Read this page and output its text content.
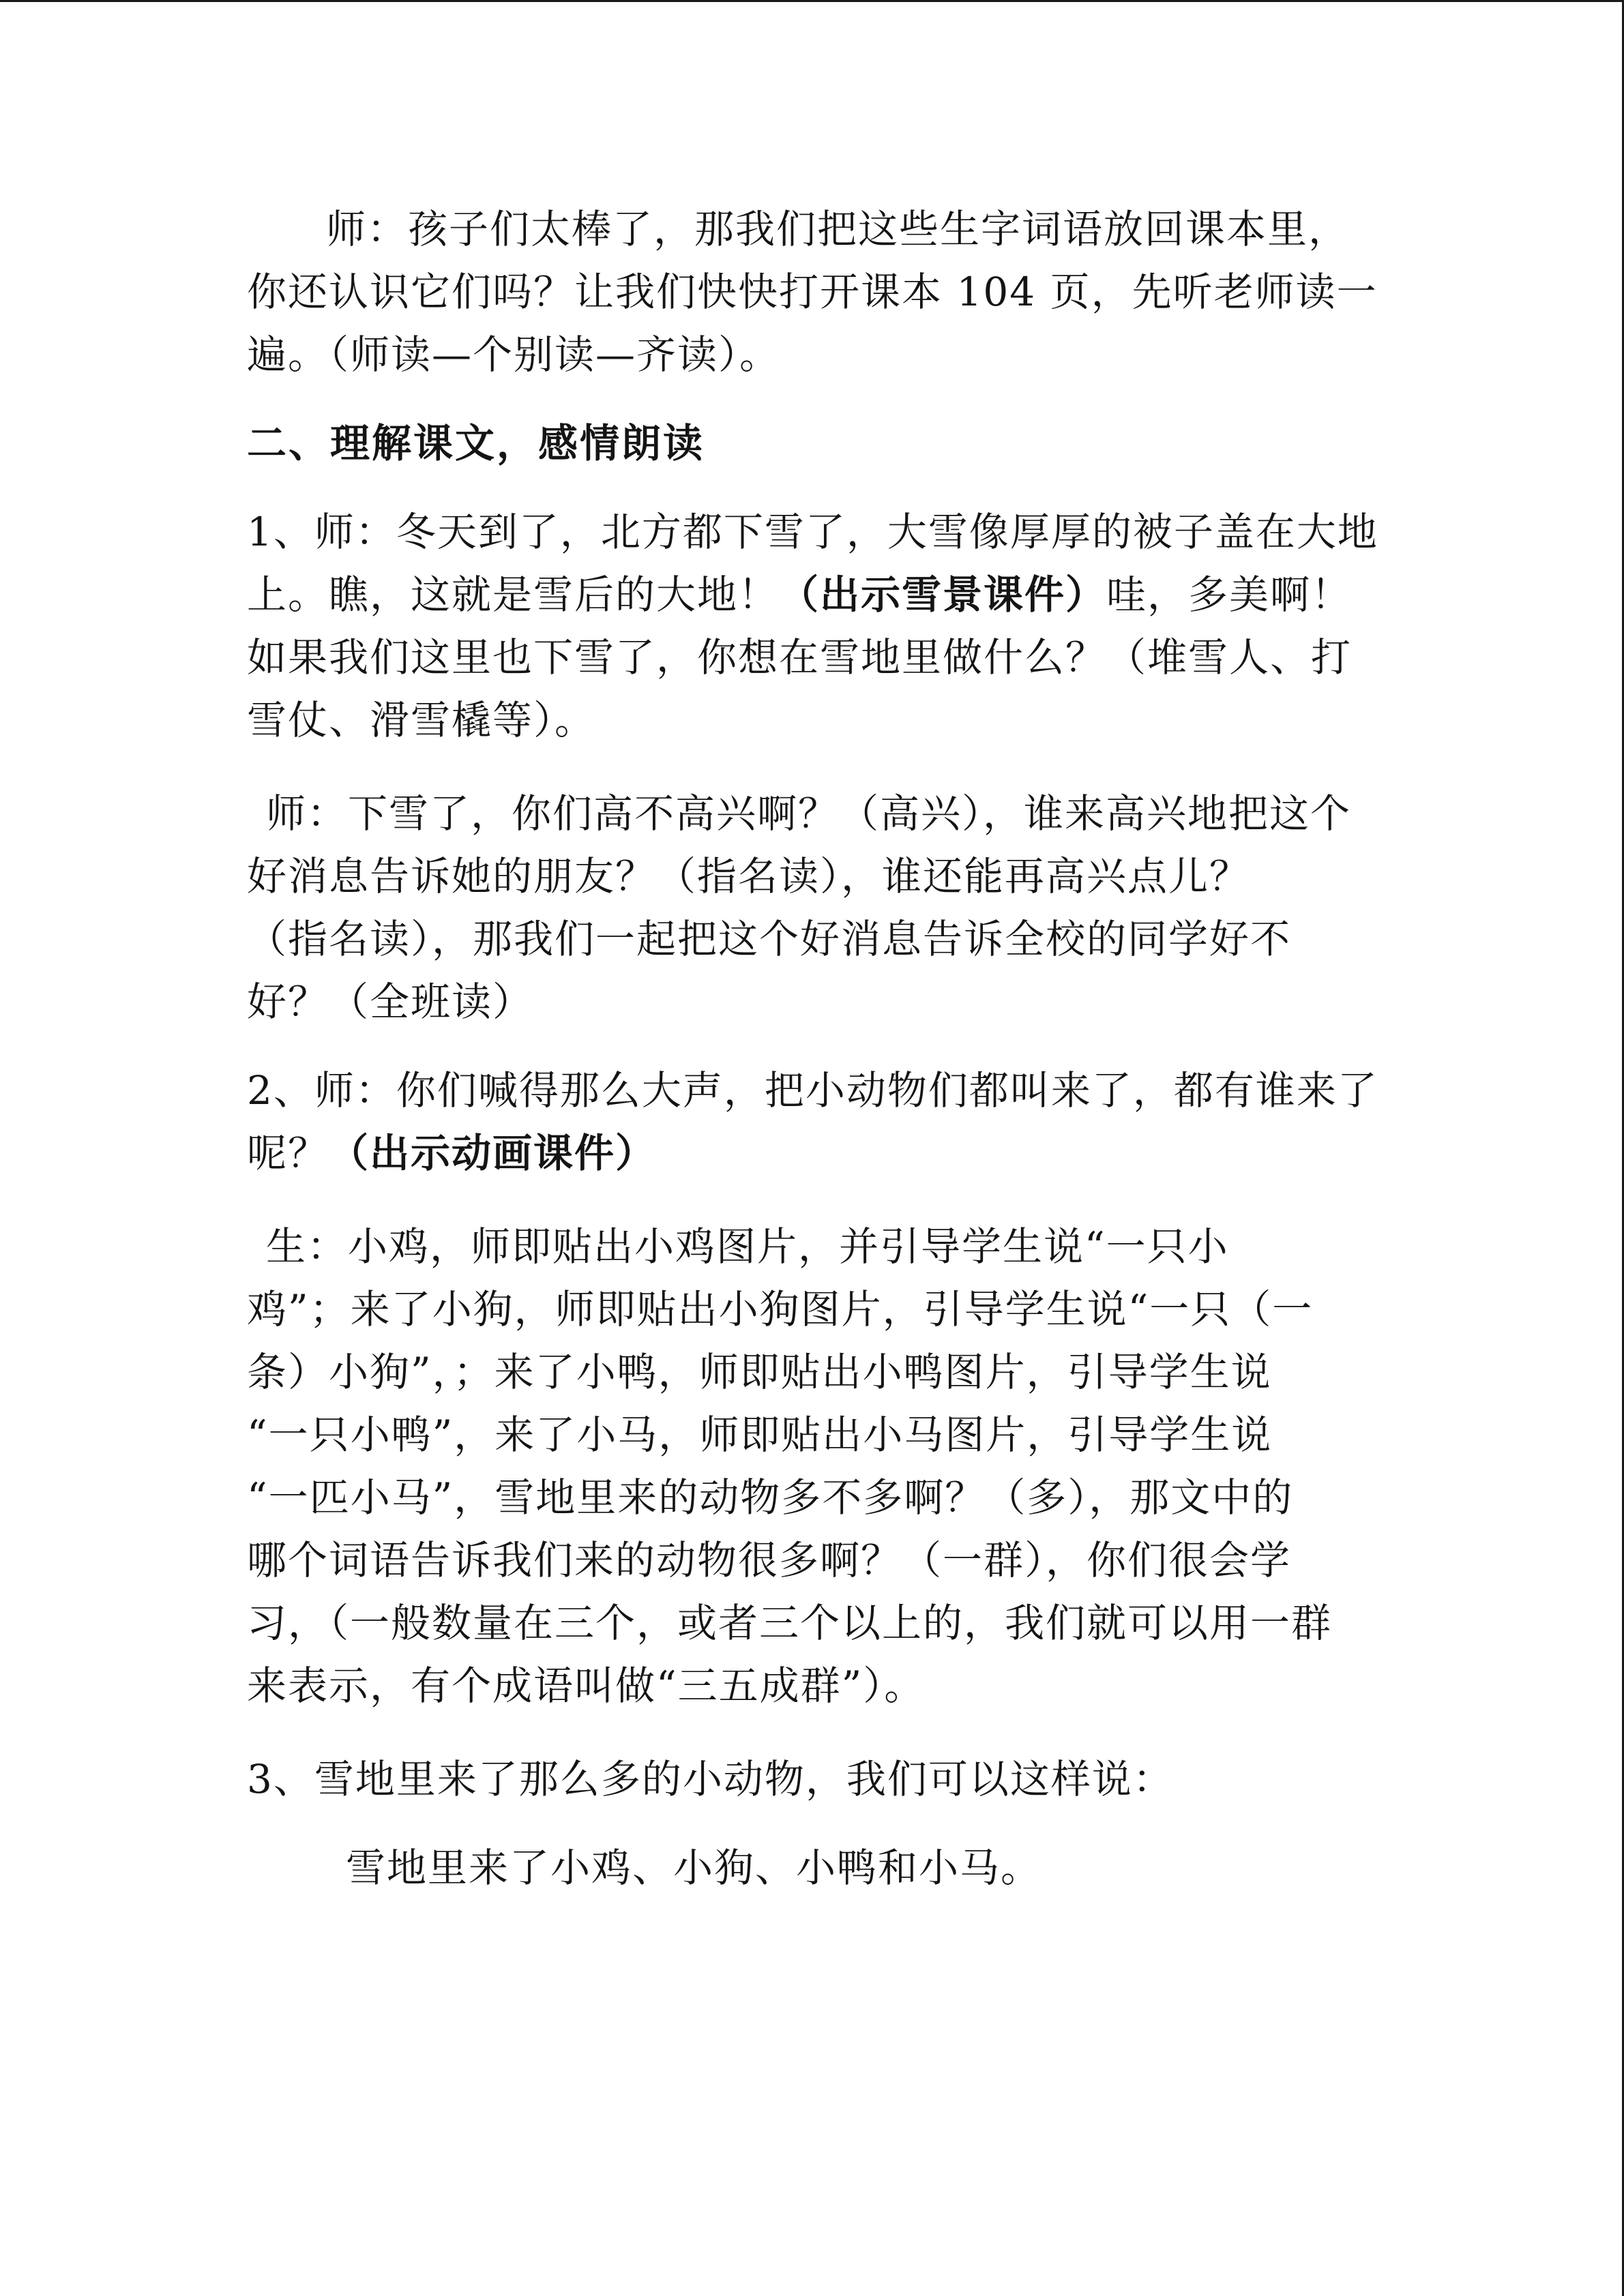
师：孩子们太棒了，那我们把这些生字词语放回课本里，你还认识它们吗？让我们快快打开课本 104 页，先听老师读一遍。（师读—个别读—齐读）。

二、理解课文，感情朗读

1、师：冬天到了，北方都下雪了，大雪像厚厚的被子盖在大地上。瞧，这就是雪后的大地！（出示雪景课件）哇，多美啊！如果我们这里也下雪了，你想在雪地里做什么？（堆雪人、打雪仗、滑雪橇等）。

师：下雪了，你们高不高兴啊？（高兴），谁来高兴地把这个好消息告诉她的朋友？（指名读），谁还能再高兴点儿？
（指名读），那我们一起把这个好消息告诉全校的同学好不
好？（全班读）

2、师：你们喊得那么大声，把小动物们都叫来了，都有谁来了呢？（出示动画课件）

生：小鸡，师即贴出小鸡图片，并引导学生说“一只小
鸡”；来了小狗，师即贴出小狗图片，引导学生说“一只（一
条）小狗”，；来了小鸭，师即贴出小鸭图片，引导学生说
“一只小鸭”，来了小马，师即贴出小马图片，引导学生说
“一匹小马”，雪地里来的动物多不多啊？（多），那文中的
哪个词语告诉我们来的动物很多啊？（一群），你们很会学
习，（一般数量在三个，或者三个以上的，我们就可以用一群
来表示，有个成语叫做“三五成群”）。

3、雪地里来了那么多的小动物，我们可以这样说：

雪地里来了小鸡、小狗、小鸭和小马。
